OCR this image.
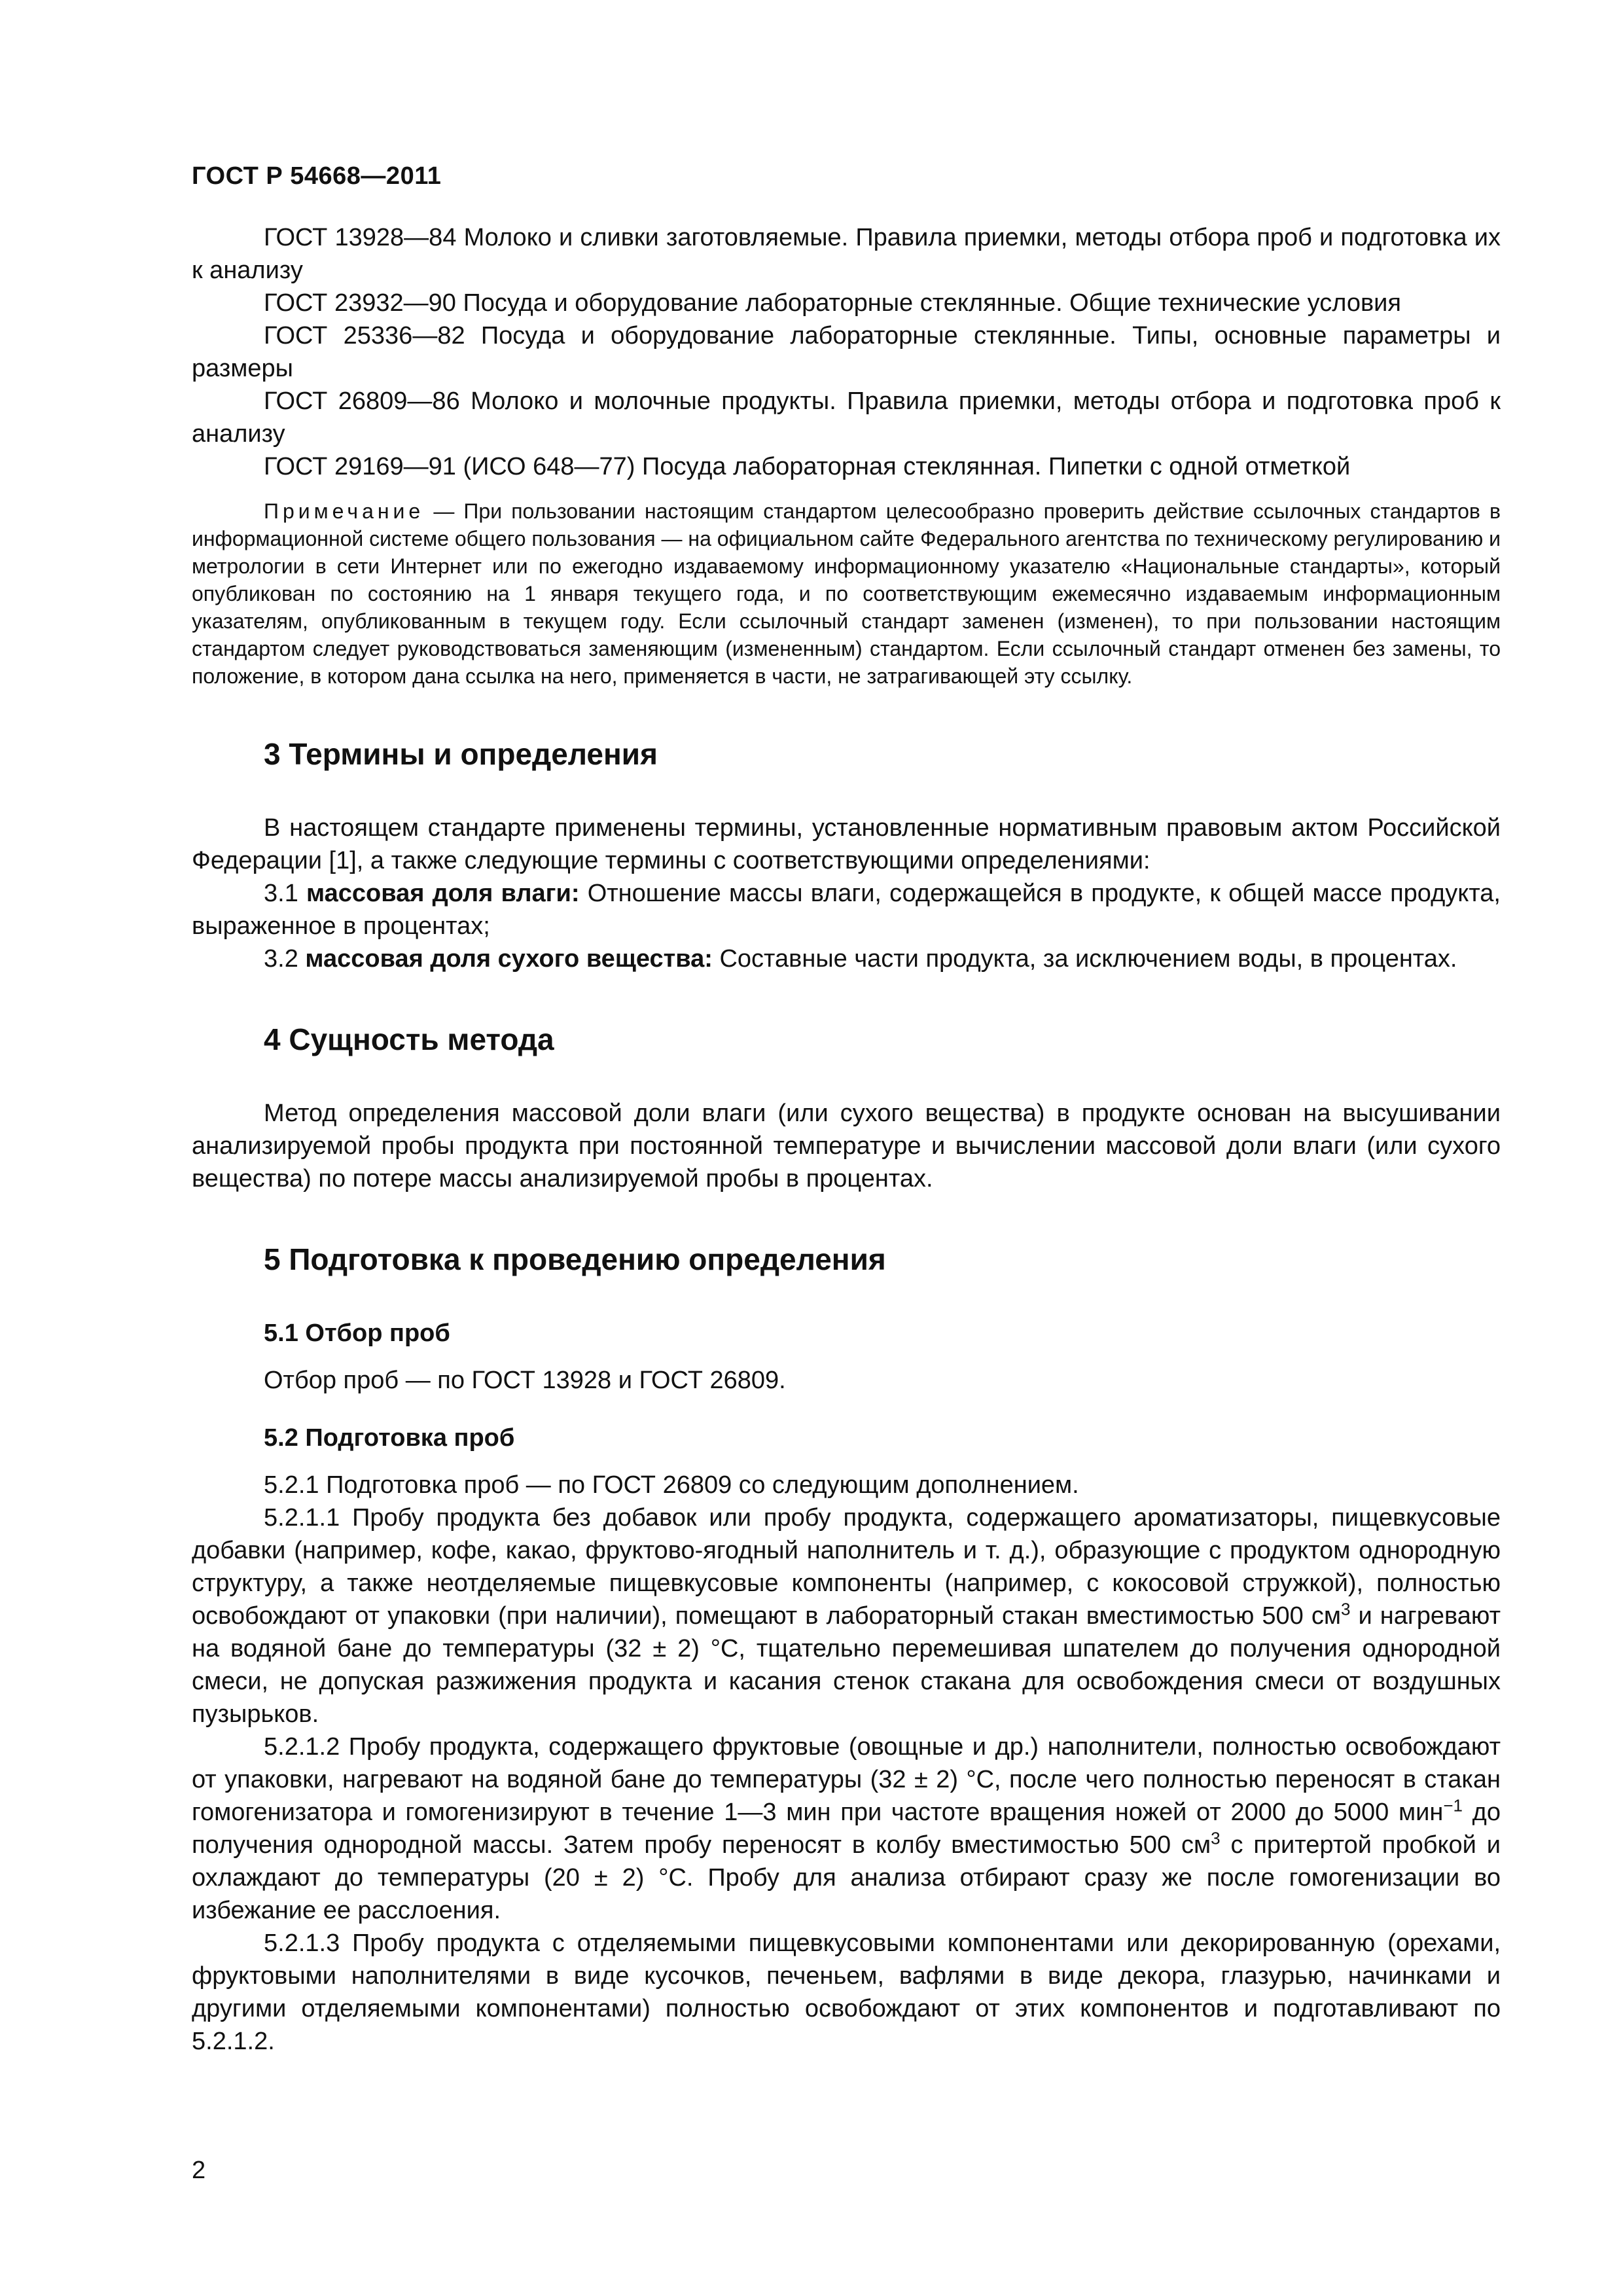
ГОСТ Р 54668—2011

ГОСТ 13928—84 Молоко и сливки заготовляемые. Правила приемки, методы отбора проб и подготовка их к анализу

ГОСТ 23932—90 Посуда и оборудование лабораторные стеклянные. Общие технические условия

ГОСТ 25336—82 Посуда и оборудование лабораторные стеклянные. Типы, основные параметры и размеры

ГОСТ 26809—86 Молоко и молочные продукты. Правила приемки, методы отбора и подготовка проб к анализу

ГОСТ 29169—91 (ИСО 648—77) Посуда лабораторная стеклянная. Пипетки с одной отметкой

Примечание — При пользовании настоящим стандартом целесообразно проверить действие ссылочных стандартов в информационной системе общего пользования — на официальном сайте Федерального агентства по техническому регулированию и метрологии в сети Интернет или по ежегодно издаваемому информационному указателю «Национальные стандарты», который опубликован по состоянию на 1 января текущего года, и по соответствующим ежемесячно издаваемым информационным указателям, опубликованным в текущем году. Если ссылочный стандарт заменен (изменен), то при пользовании настоящим стандартом следует руководствоваться заменяющим (измененным) стандартом. Если ссылочный стандарт отменен без замены, то положение, в котором дана ссылка на него, применяется в части, не затрагивающей эту ссылку.

3 Термины и определения

В настоящем стандарте применены термины, установленные нормативным правовым актом Российской Федерации [1], а также следующие термины с соответствующими определениями:

3.1 массовая доля влаги: Отношение массы влаги, содержащейся в продукте, к общей массе продукта, выраженное в процентах;

3.2 массовая доля сухого вещества: Составные части продукта, за исключением воды, в процентах.

4 Сущность метода

Метод определения массовой доли влаги (или сухого вещества) в продукте основан на высушивании анализируемой пробы продукта при постоянной температуре и вычислении массовой доли влаги (или сухого вещества) по потере массы анализируемой пробы в процентах.

5 Подготовка к проведению определения
5.1 Отбор проб

Отбор проб — по ГОСТ 13928 и ГОСТ 26809.

5.2 Подготовка проб

5.2.1 Подготовка проб — по ГОСТ 26809 со следующим дополнением.

5.2.1.1 Пробу продукта без добавок или пробу продукта, содержащего ароматизаторы, пищевкусовые добавки (например, кофе, какао, фруктово-ягодный наполнитель и т. д.), образующие с продуктом однородную структуру, а также неотделяемые пищевкусовые компоненты (например, с кокосовой стружкой), полностью освобождают от упаковки (при наличии), помещают в лабораторный стакан вместимостью 500 $см^3$ и нагревают на водяной бане до температуры (32 ± 2) °С, тщательно перемешивая шпателем до получения однородной смеси, не допуская разжижения продукта и касания стенок стакана для освобождения смеси от воздушных пузырьков.

5.2.1.2 Пробу продукта, содержащего фруктовые (овощные и др.) наполнители, полностью освобождают от упаковки, нагревают на водяной бане до температуры (32 ± 2) °С, после чего полностью переносят в стакан гомогенизатора и гомогенизируют в течение 1—3 мин при частоте вращения ножей от 2000 до 5000 мин$^{-1}$ до получения однородной массы. Затем пробу переносят в колбу вместимостью 500 $см^3$ с притертой пробкой и охлаждают до температуры (20 ± 2) °С. Пробу для анализа отбирают сразу же после гомогенизации во избежание ее расслоения.

5.2.1.3 Пробу продукта с отделяемыми пищевкусовыми компонентами или декорированную (орехами, фруктовыми наполнителями в виде кусочков, печеньем, вафлями в виде декора, глазурью, начинками и другими отделяемыми компонентами) полностью освобождают от этих компонентов и подготавливают по 5.2.1.2.

2
